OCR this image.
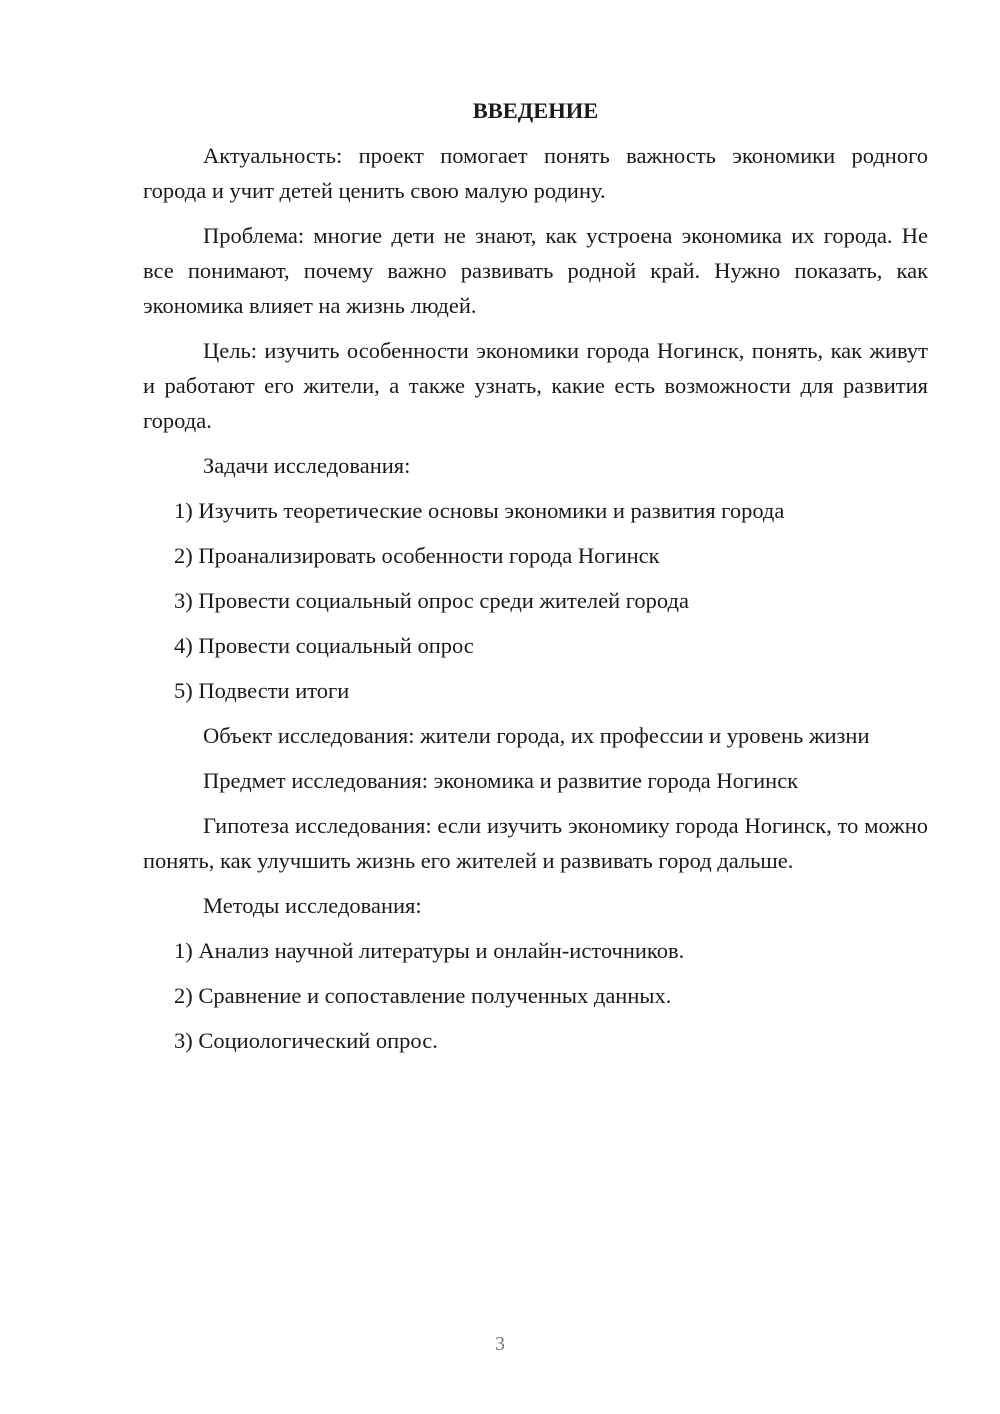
ВВЕДЕНИЕ
Актуальность: проект помогает понять важность экономики родного города и учит детей ценить свою малую родину.
Проблема: многие дети не знают, как устроена экономика их города. Не все понимают, почему важно развивать родной край. Нужно показать, как экономика влияет на жизнь людей.
Цель: изучить особенности экономики города Ногинск, понять, как живут и работают его жители, а также узнать, какие есть возможности для развития города.
Задачи исследования:
1) Изучить теоретические основы экономики и развития города
2) Проанализировать особенности города Ногинск
3) Провести социальный опрос среди жителей города
4) Провести социальный опрос
5) Подвести итоги
Объект исследования: жители города, их профессии и уровень жизни
Предмет исследования: экономика и развитие города Ногинск
Гипотеза исследования: если изучить экономику города Ногинск, то можно понять, как улучшить жизнь его жителей и развивать город дальше.
Методы исследования:
1) Анализ научной литературы и онлайн-источников.
2) Сравнение и сопоставление полученных данных.
3) Социологический опрос.
3
